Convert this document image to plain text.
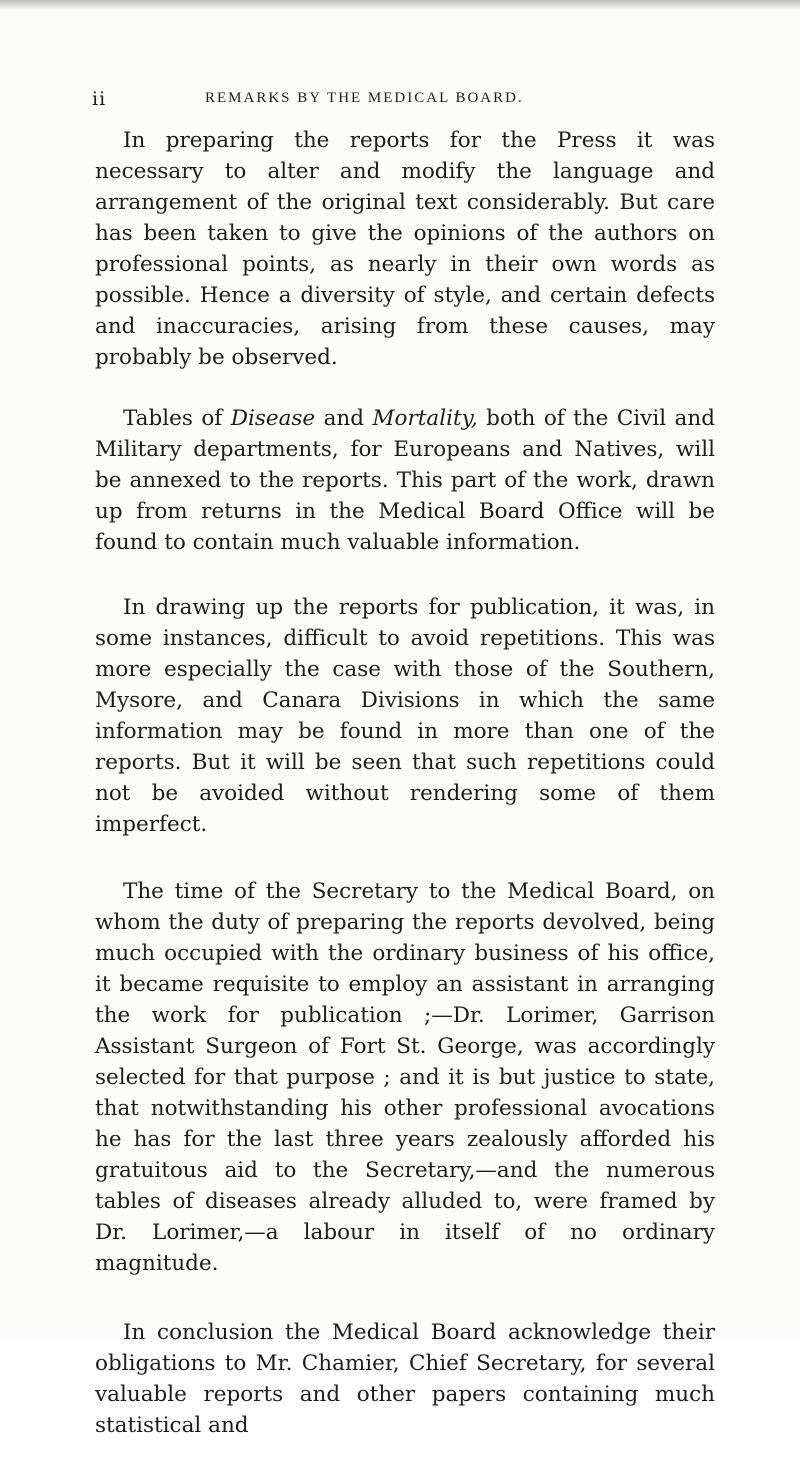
ii	REMARKS BY THE MEDICAL BOARD.

In preparing the reports for the Press it was necessary to alter and modify the language and arrangement of the original text considerably. But care has been taken to give the opinions of the authors on professional points, as nearly in their own words as possible. Hence a diversity of style, and certain defects and inaccuracies, arising from these causes, may probably be observed.

Tables of Disease and Mortality, both of the Civil and Military departments, for Europeans and Natives, will be annexed to the reports. This part of the work, drawn up from returns in the Medical Board Office will be found to contain much valuable information.

In drawing up the reports for publication, it was, in some instances, difficult to avoid repetitions. This was more especially the case with those of the Southern, Mysore, and Canara Divisions in which the same information may be found in more than one of the reports. But it will be seen that such repetitions could not be avoided without rendering some of them imperfect.

The time of the Secretary to the Medical Board, on whom the duty of preparing the reports devolved, being much occupied with the ordinary business of his office, it became requisite to employ an assistant in arranging the work for publication ;—Dr. Lorimer, Garrison Assistant Surgeon of Fort St. George, was accordingly selected for that purpose ; and it is but justice to state, that notwithstanding his other professional avocations he has for the last three years zealously afforded his gratuitous aid to the Secretary,—and the numerous tables of diseases already alluded to, were framed by Dr. Lorimer,—a labour in itself of no ordinary magnitude.

In conclusion the Medical Board acknowledge their obligations to Mr. Chamier, Chief Secretary, for several valuable reports and other papers containing much statistical and
